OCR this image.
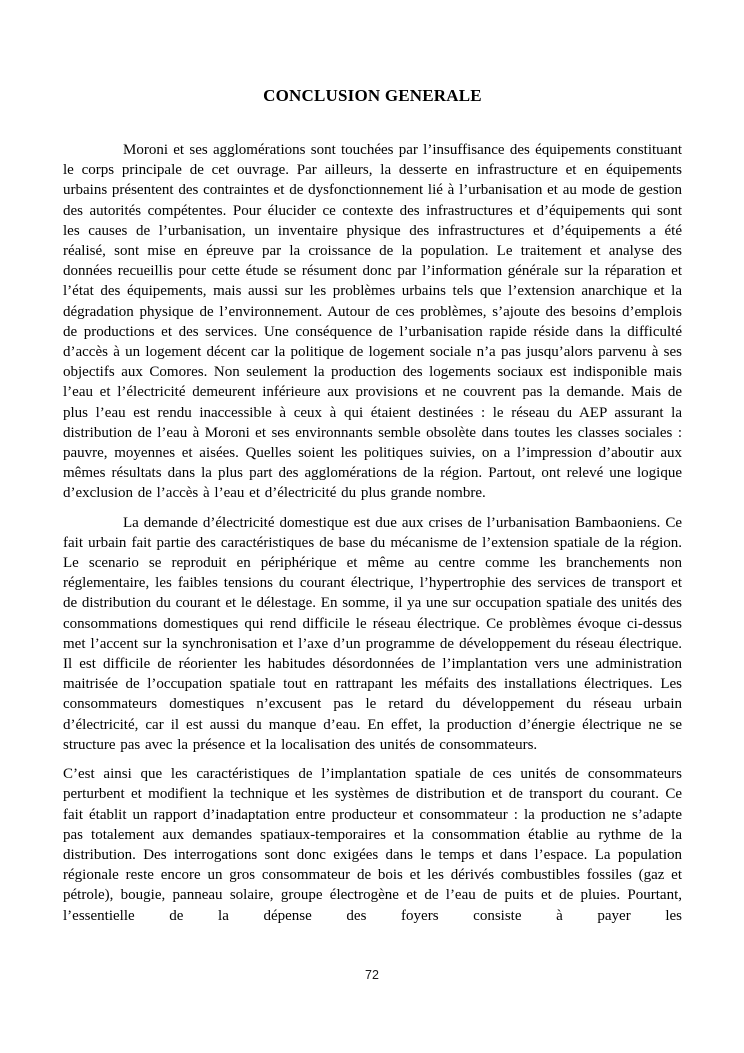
CONCLUSION GENERALE

Moroni et ses agglomérations sont touchées par l’insuffisance des équipements constituant le corps principale de cet ouvrage. Par ailleurs, la desserte en infrastructure et en équipements urbains présentent des contraintes et de dysfonctionnement lié à l’urbanisation et au mode de gestion des autorités compétentes. Pour élucider ce contexte des infrastructures et d’équipements qui sont les causes de l’urbanisation, un inventaire physique des infrastructures et d’équipements a été réalisé, sont mise en épreuve par la croissance de la population. Le traitement et analyse des données recueillis pour cette étude se résument donc par l’information générale sur la réparation et l’état des équipements, mais aussi sur les problèmes urbains tels que l’extension anarchique et la dégradation physique de l’environnement. Autour de ces problèmes, s’ajoute des besoins d’emplois de productions et des services. Une conséquence de l’urbanisation rapide réside dans la difficulté d’accès à un logement décent car la politique de logement sociale n’a pas jusqu’alors parvenu à ses objectifs aux Comores. Non seulement la production des logements sociaux est indisponible mais l’eau et l’électricité demeurent inférieure aux provisions et ne couvrent pas la demande. Mais de plus l’eau est rendu inaccessible à ceux à qui étaient destinées : le réseau du AEP assurant la distribution de l’eau à Moroni et ses environnants semble obsolète dans toutes les classes sociales : pauvre, moyennes et aisées. Quelles soient les politiques suivies, on a l’impression d’aboutir aux mêmes résultats dans la plus part des agglomérations de la région. Partout, ont relevé une logique d’exclusion de l’accès à l’eau et d’électricité du plus grande nombre.

La demande d’électricité domestique est due aux crises de l’urbanisation Bambaoniens. Ce fait urbain fait partie des caractéristiques de base du mécanisme de l’extension spatiale de la région. Le scenario se reproduit en périphérique et même au centre comme les branchements non réglementaire, les faibles tensions du courant électrique, l’hypertrophie des services de transport et de distribution du courant et le délestage. En somme, il ya une sur occupation spatiale des unités des consommations domestiques qui rend difficile le réseau électrique. Ce problèmes évoque ci-dessus met l’accent sur la synchronisation et l’axe d’un programme de développement du réseau électrique. Il est difficile de réorienter les habitudes désordonnées de l’implantation vers une administration maitrisée de l’occupation spatiale tout en rattrapant les méfaits des installations électriques. Les consommateurs domestiques n’excusent pas le retard du développement du réseau urbain d’électricité, car il est aussi du manque d’eau. En effet, la production d’énergie électrique ne se structure pas avec la présence et la localisation des unités de consommateurs.

C’est ainsi que les caractéristiques de l’implantation spatiale de ces unités de consommateurs perturbent et modifient la technique et les systèmes de distribution et de transport du courant. Ce fait établit un rapport d’inadaptation entre producteur et consommateur : la production ne s’adapte pas totalement aux demandes spatiaux-temporaires et la consommation établie au rythme de la distribution. Des interrogations sont donc exigées dans le temps et dans l’espace. La population régionale reste encore un gros consommateur de bois et les dérivés combustibles fossiles (gaz et pétrole), bougie, panneau solaire, groupe électrogène et de l’eau de puits et de pluies. Pourtant, l’essentielle de la dépense des foyers consiste à payer les

72
